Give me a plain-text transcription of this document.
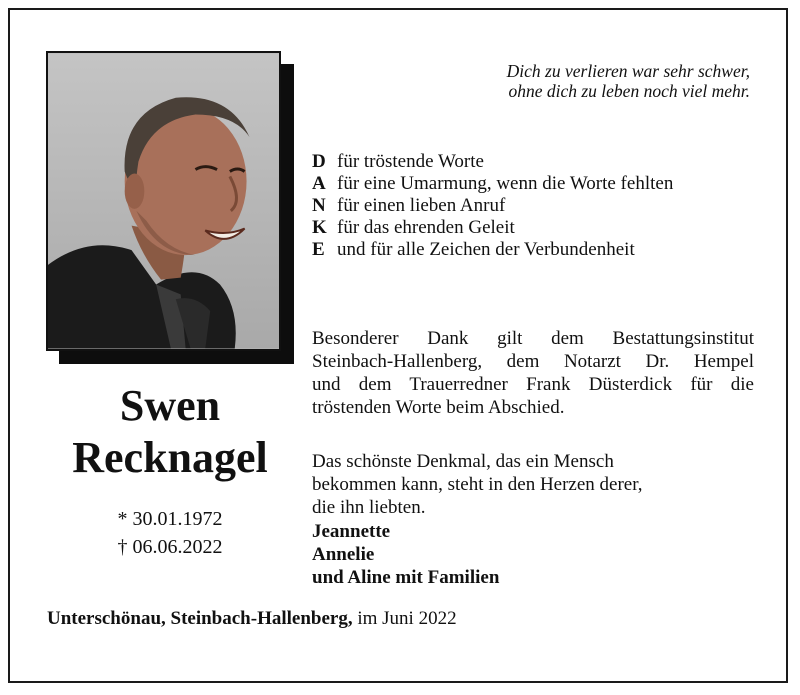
Swen
Recknagel
* 30.01.1972
† 06.06.2022
Dich zu verlieren war sehr schwer,
ohne dich zu leben noch viel mehr.
D für tröstende Worte
A für eine Umarmung, wenn die Worte fehlten
N für einen lieben Anruf
K für das ehrenden Geleit
E und für alle Zeichen der Verbundenheit
Besonderer Dank gilt dem Bestattungsinstitut
Steinbach-Hallenberg, dem Notarzt Dr. Hempel
und dem Trauerredner Frank Düsterdick für die
tröstenden Worte beim Abschied.
Das schönste Denkmal, das ein Mensch
bekommen kann, steht in den Herzen derer,
die ihn liebten.
Jeannette
Annelie
und Aline mit Familien
Unterschönau, Steinbach-Hallenberg, im Juni 2022
